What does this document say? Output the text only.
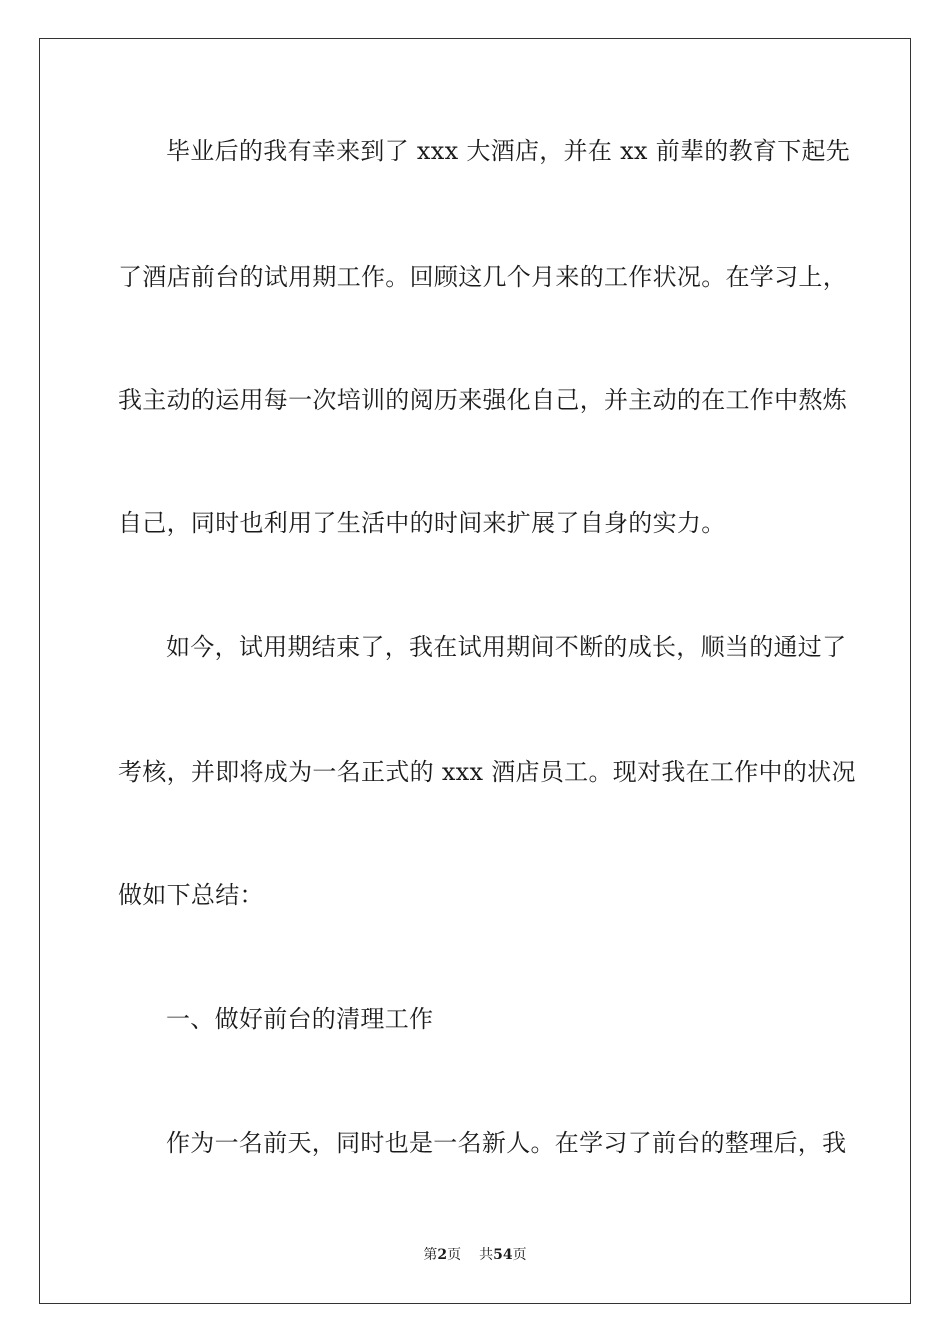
毕业后的我有幸来到了 xxx 大酒店，并在 xx 前辈的教育下起先
了酒店前台的试用期工作。回顾这几个月来的工作状况。在学习上，
我主动的运用每一次培训的阅历来强化自己，并主动的在工作中熬炼
自己，同时也利用了生活中的时间来扩展了自身的实力。
如今，试用期结束了，我在试用期间不断的成长，顺当的通过了
考核，并即将成为一名正式的 xxx 酒店员工。现对我在工作中的状况
做如下总结：
一、做好前台的清理工作
作为一名前天，同时也是一名新人。在学习了前台的整理后，我
第2页 共54页
